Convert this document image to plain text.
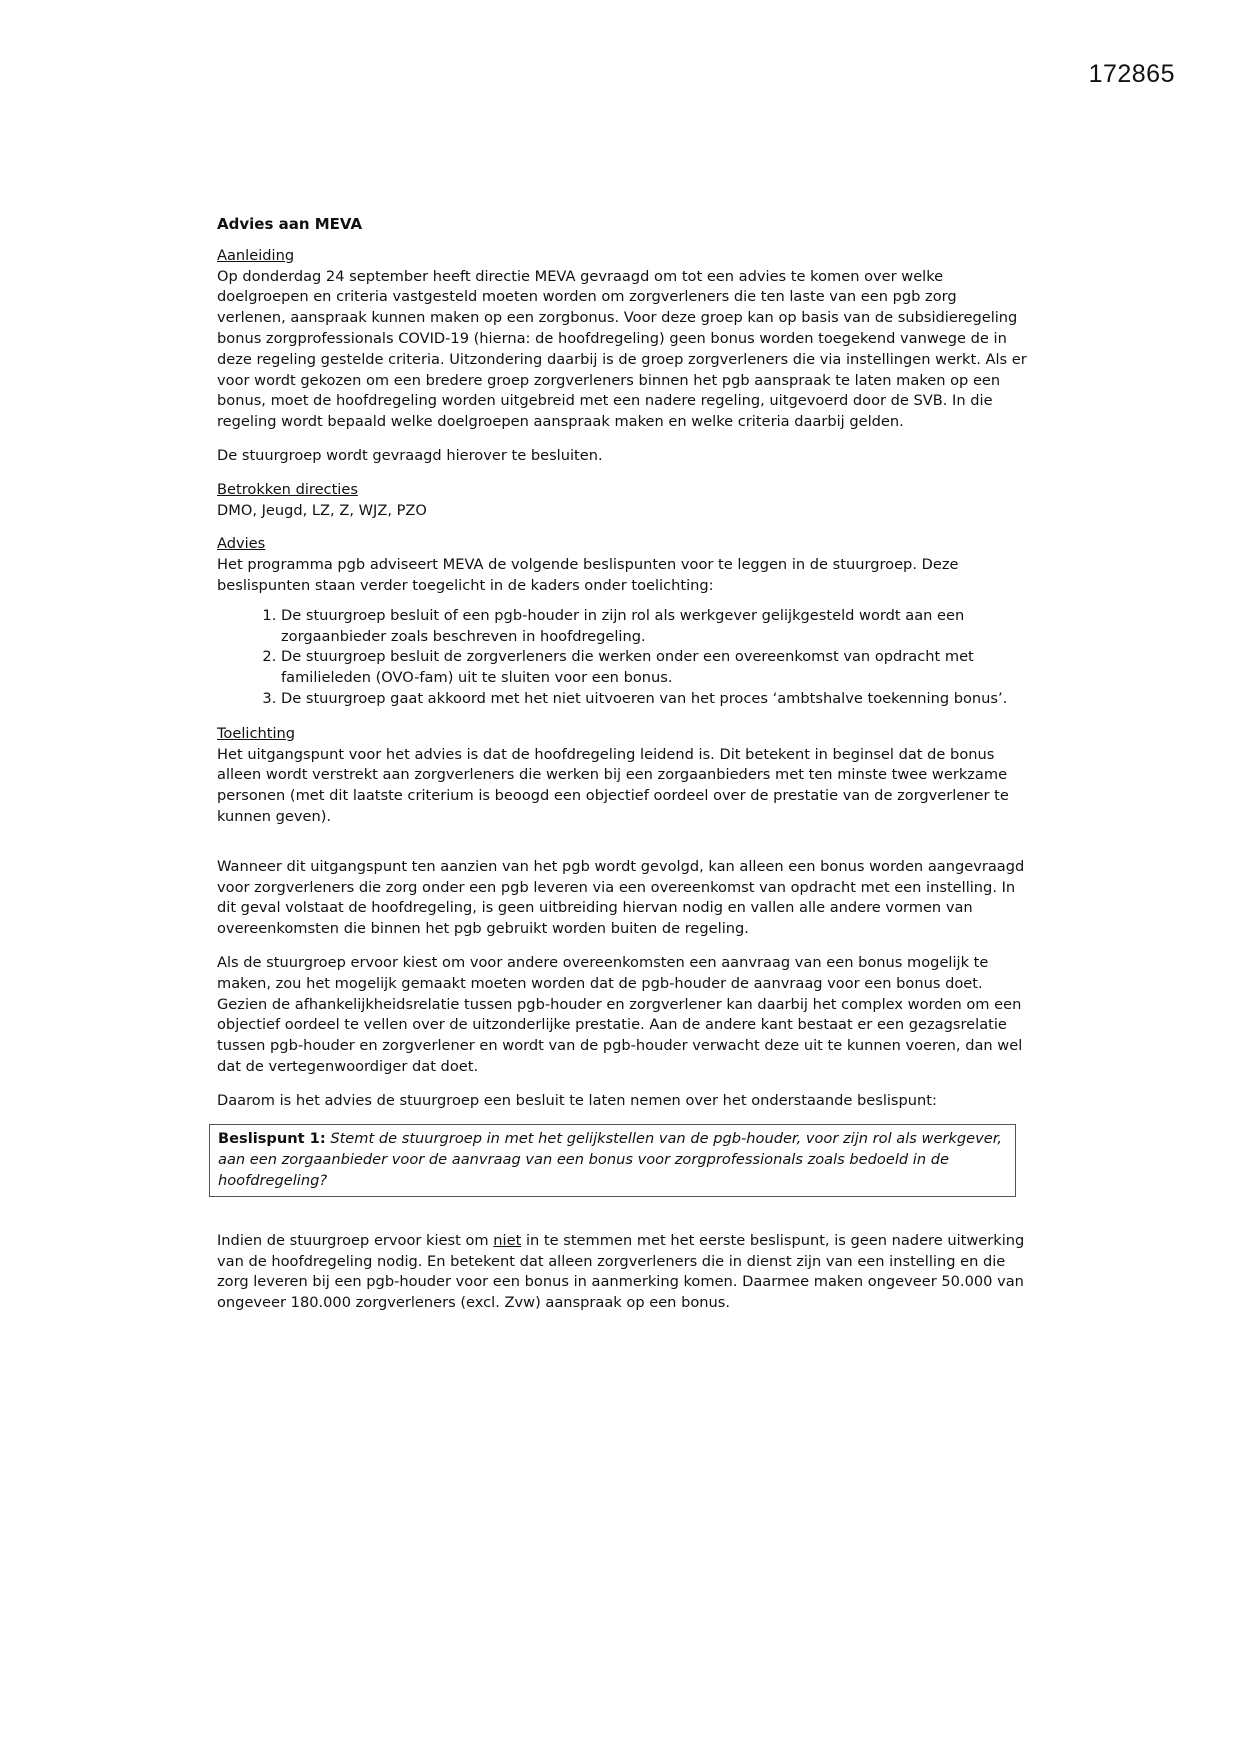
172865
Advies aan MEVA
Aanleiding

Op donderdag 24 september heeft directie MEVA gevraagd om tot een advies te komen over welke doelgroepen en criteria vastgesteld moeten worden om zorgverleners die ten laste van een pgb zorg verlenen, aanspraak kunnen maken op een zorgbonus. Voor deze groep kan op basis van de subsidieregeling bonus zorgprofessionals COVID-19 (hierna: de hoofdregeling) geen bonus worden toegekend vanwege de in deze regeling gestelde criteria. Uitzondering daarbij is de groep zorgverleners die via instellingen werkt. Als er voor wordt gekozen om een bredere groep zorgverleners binnen het pgb aanspraak te laten maken op een bonus, moet de hoofdregeling worden uitgebreid met een nadere regeling, uitgevoerd door de SVB. In die regeling wordt bepaald welke doelgroepen aanspraak maken en welke criteria daarbij gelden.

De stuurgroep wordt gevraagd hierover te besluiten.

Betrokken directies

DMO, Jeugd, LZ, Z, WJZ, PZO

Advies

Het programma pgb adviseert MEVA de volgende beslispunten voor te leggen in de stuurgroep. Deze beslispunten staan verder toegelicht in de kaders onder toelichting:

1. De stuurgroep besluit of een pgb-houder in zijn rol als werkgever gelijkgesteld wordt aan een zorgaanbieder zoals beschreven in hoofdregeling.
2. De stuurgroep besluit de zorgverleners die werken onder een overeenkomst van opdracht met familieleden (OVO-fam) uit te sluiten voor een bonus.
3. De stuurgroep gaat akkoord met het niet uitvoeren van het proces ‘ambtshalve toekenning bonus’.
Toelichting

Het uitgangspunt voor het advies is dat de hoofdregeling leidend is. Dit betekent in beginsel dat de bonus alleen wordt verstrekt aan zorgverleners die werken bij een zorgaanbieders met ten minste twee werkzame personen (met dit laatste criterium is beoogd een objectief oordeel over de prestatie van de zorgverlener te kunnen geven).

Wanneer dit uitgangspunt ten aanzien van het pgb wordt gevolgd, kan alleen een bonus worden aangevraagd voor zorgverleners die zorg onder een pgb leveren via een overeenkomst van opdracht met een instelling. In dit geval volstaat de hoofdregeling, is geen uitbreiding hiervan nodig en vallen alle andere vormen van overeenkomsten die binnen het pgb gebruikt worden buiten de regeling.

Als de stuurgroep ervoor kiest om voor andere overeenkomsten een aanvraag van een bonus mogelijk te maken, zou het mogelijk gemaakt moeten worden dat de pgb-houder de aanvraag voor een bonus doet. Gezien de afhankelijkheidsrelatie tussen pgb-houder en zorgverlener kan daarbij het complex worden om een objectief oordeel te vellen over de uitzonderlijke prestatie. Aan de andere kant bestaat er een gezagsrelatie tussen pgb-houder en zorgverlener en wordt van de pgb-houder verwacht deze uit te kunnen voeren, dan wel dat de vertegenwoordiger dat doet.

Daarom is het advies de stuurgroep een besluit te laten nemen over het onderstaande beslispunt:

Beslispunt 1: Stemt de stuurgroep in met het gelijkstellen van de pgb-houder, voor zijn rol als werkgever, aan een zorgaanbieder voor de aanvraag van een bonus voor zorgprofessionals zoals bedoeld in de hoofdregeling?

Indien de stuurgroep ervoor kiest om niet in te stemmen met het eerste beslispunt, is geen nadere uitwerking van de hoofdregeling nodig. En betekent dat alleen zorgverleners die in dienst zijn van een instelling en die zorg leveren bij een pgb-houder voor een bonus in aanmerking komen. Daarmee maken ongeveer 50.000 van ongeveer 180.000 zorgverleners (excl. Zvw) aanspraak op een bonus.
